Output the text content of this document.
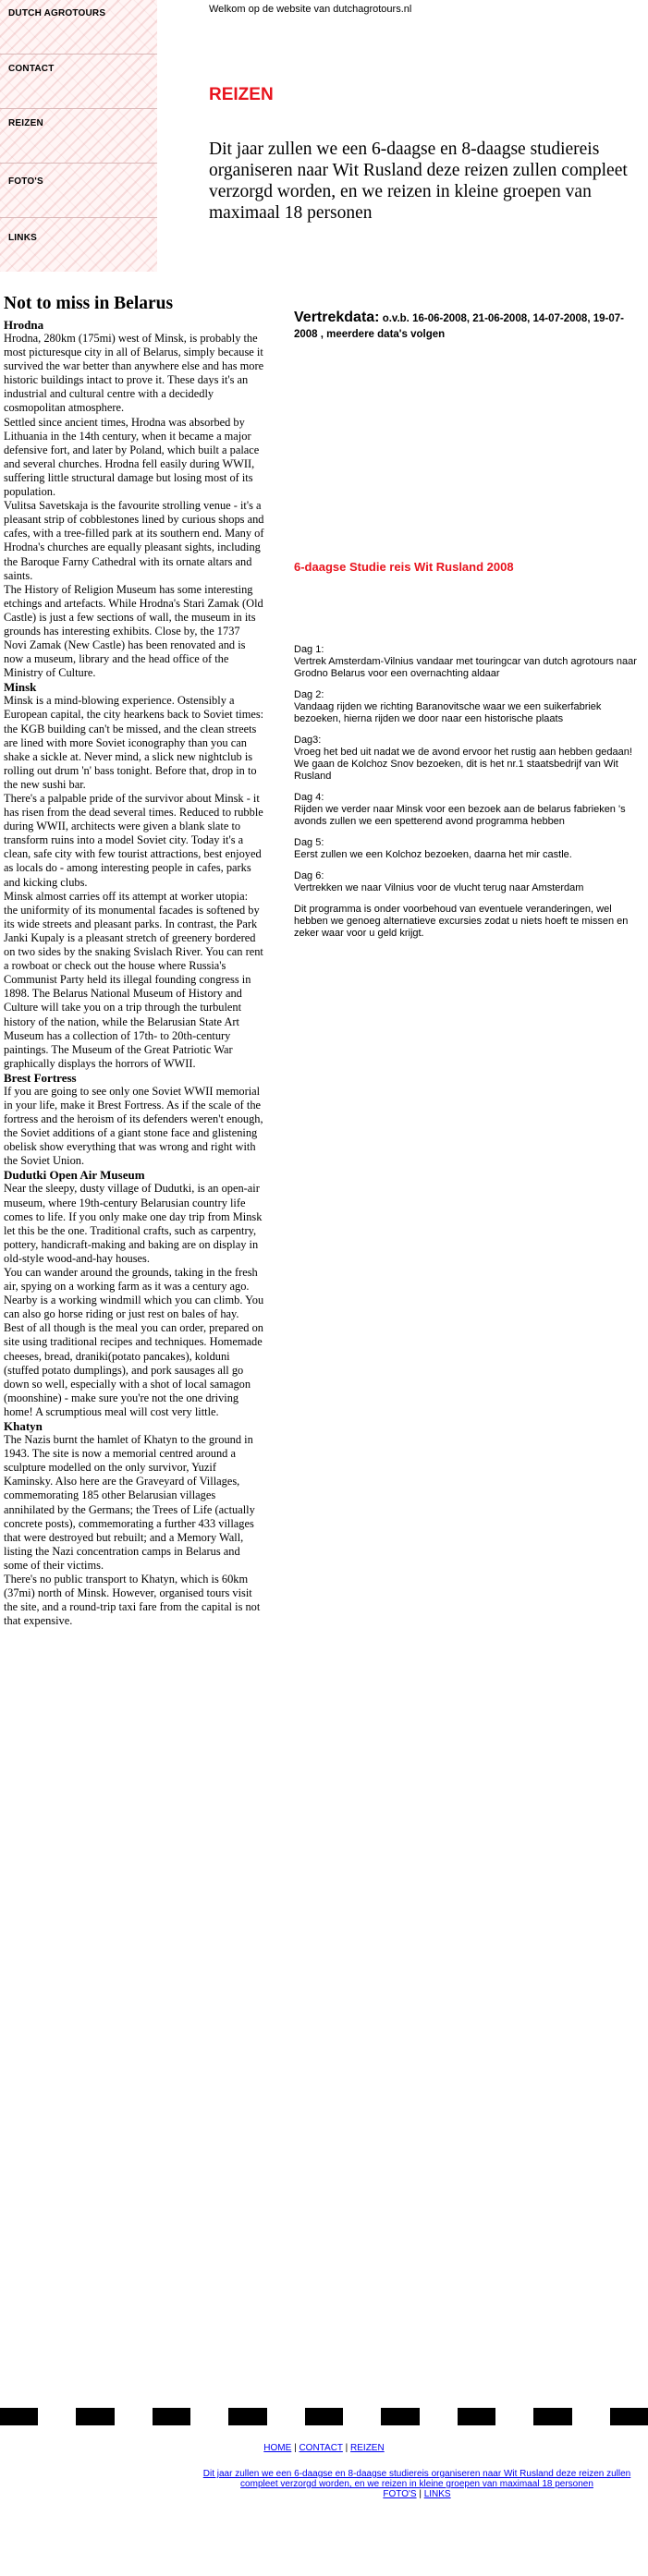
DUTCH AGROTOURS
CONTACT
REIZEN
FOTO'S
LINKS
Welkom op de website van dutchagrotours.nl
REIZEN

Dit jaar zullen we een 6-daagse en 8-daagse studiereis organiseren naar Wit Rusland deze reizen zullen compleet verzorgd worden, en we reizen in kleine groepen van maximaal 18 personen

Not to miss in Belarus
Hrodna

Hrodna, 280km (175mi) west of Minsk, is probably the most picturesque city in all of Belarus, simply because it survived the war better than anywhere else and has more historic buildings intact to prove it. These days it's an industrial and cultural centre with a decidedly cosmopolitan atmosphere.

Settled since ancient times, Hrodna was absorbed by Lithuania in the 14th century, when it became a major defensive fort, and later by Poland, which built a palace and several churches. Hrodna fell easily during WWII, suffering little structural damage but losing most of its population.

Vulitsa Savetskaja is the favourite strolling venue - it's a pleasant strip of cobblestones lined by curious shops and cafes, with a tree-filled park at its southern end. Many of Hrodna's churches are equally pleasant sights, including the Baroque Farny Cathedral with its ornate altars and saints.

The History of Religion Museum has some interesting etchings and artefacts. While Hrodna's Stari Zamak (Old Castle) is just a few sections of wall, the museum in its grounds has interesting exhibits. Close by, the 1737 Novi Zamak (New Castle) has been renovated and is now a museum, library and the head office of the Ministry of Culture.

Minsk

Minsk is a mind-blowing experience. Ostensibly a European capital, the city hearkens back to Soviet times: the KGB building can't be missed, and the clean streets are lined with more Soviet iconography than you can shake a sickle at. Never mind, a slick new nightclub is rolling out drum 'n' bass tonight. Before that, drop in to the new sushi bar.

There's a palpable pride of the survivor about Minsk - it has risen from the dead several times. Reduced to rubble during WWII, architects were given a blank slate to transform ruins into a model Soviet city. Today it's a clean, safe city with few tourist attractions, best enjoyed as locals do - among interesting people in cafes, parks and kicking clubs.

Minsk almost carries off its attempt at worker utopia: the uniformity of its monumental facades is softened by its wide streets and pleasant parks. In contrast, the Park Janki Kupaly is a pleasant stretch of greenery bordered on two sides by the snaking Svislach River. You can rent a rowboat or check out the house where Russia's Communist Party held its illegal founding congress in 1898. The Belarus National Museum of History and Culture will take you on a trip through the turbulent history of the nation, while the Belarusian State Art Museum has a collection of 17th- to 20th-century paintings. The Museum of the Great Patriotic War graphically displays the horrors of WWII.

Brest Fortress

If you are going to see only one Soviet WWII memorial in your life, make it Brest Fortress. As if the scale of the fortress and the heroism of its defenders weren't enough, the Soviet additions of a giant stone face and glistening obelisk show everything that was wrong and right with the Soviet Union.

Dudutki Open Air Museum

Near the sleepy, dusty village of Dudutki, is an open-air museum, where 19th-century Belarusian country life comes to life. If you only make one day trip from Minsk let this be the one. Traditional crafts, such as carpentry, pottery, handicraft-making and baking are on display in old-style wood-and-hay houses.

You can wander around the grounds, taking in the fresh air, spying on a working farm as it was a century ago. Nearby is a working windmill which you can climb. You can also go horse riding or just rest on bales of hay.

Best of all though is the meal you can order, prepared on site using traditional recipes and techniques. Homemade cheeses, bread, draniki(potato pancakes), kolduni (stuffed potato dumplings), and pork sausages all go down so well, especially with a shot of local samagon (moonshine) - make sure you're not the one driving home! A scrumptious meal will cost very little.

Khatyn

The Nazis burnt the hamlet of Khatyn to the ground in 1943. The site is now a memorial centred around a sculpture modelled on the only survivor, Yuzif Kaminsky. Also here are the Graveyard of Villages, commemorating 185 other Belarusian villages annihilated by the Germans; the Trees of Life (actually concrete posts), commemorating a further 433 villages that were destroyed but rebuilt; and a Memory Wall, listing the Nazi concentration camps in Belarus and some of their victims.

There's no public transport to Khatyn, which is 60km (37mi) north of Minsk. However, organised tours visit the site, and a round-trip taxi fare from the capital is not that expensive.

Vertrekdata: o.v.b. 16-06-2008, 21-06-2008, 14-07-2008, 19-07-2008 , meerdere data's volgen

6-daagse Studie reis Wit Rusland 2008
Dag 1:
Vertrek Amsterdam-Vilnius vandaar met touringcar van dutch agrotours naar Grodno Belarus voor een overnachting aldaar
Dag 2:
Vandaag rijden we richting Baranovitsche waar we een suikerfabriek bezoeken, hierna rijden we door naar een historische plaats
Dag3:
Vroeg het bed uit nadat we de avond ervoor het rustig aan hebben gedaan! We gaan de Kolchoz Snov bezoeken, dit is het nr.1 staatsbedrijf van Wit Rusland
Dag 4:
Rijden we verder naar Minsk voor een bezoek aan de belarus fabrieken 's avonds zullen we een spetterend avond programma hebben
Dag 5:
Eerst zullen we een Kolchoz bezoeken, daarna het mir castle.
Dag 6:
Vertrekken we naar Vilnius voor de vlucht terug naar Amsterdam

Dit programma is onder voorbehoud van eventuele veranderingen, wel hebben we genoeg alternatieve excursies zodat u niets hoeft te missen en zeker waar voor u geld krijgt.

HOME | CONTACT | REIZEN
Dit jaar zullen we een 6-daagse en 8-daagse studiereis organiseren naar Wit Rusland deze reizen zullen compleet verzorgd worden, en we reizen in kleine groepen van maximaal 18 personen
FOTO'S | LINKS
